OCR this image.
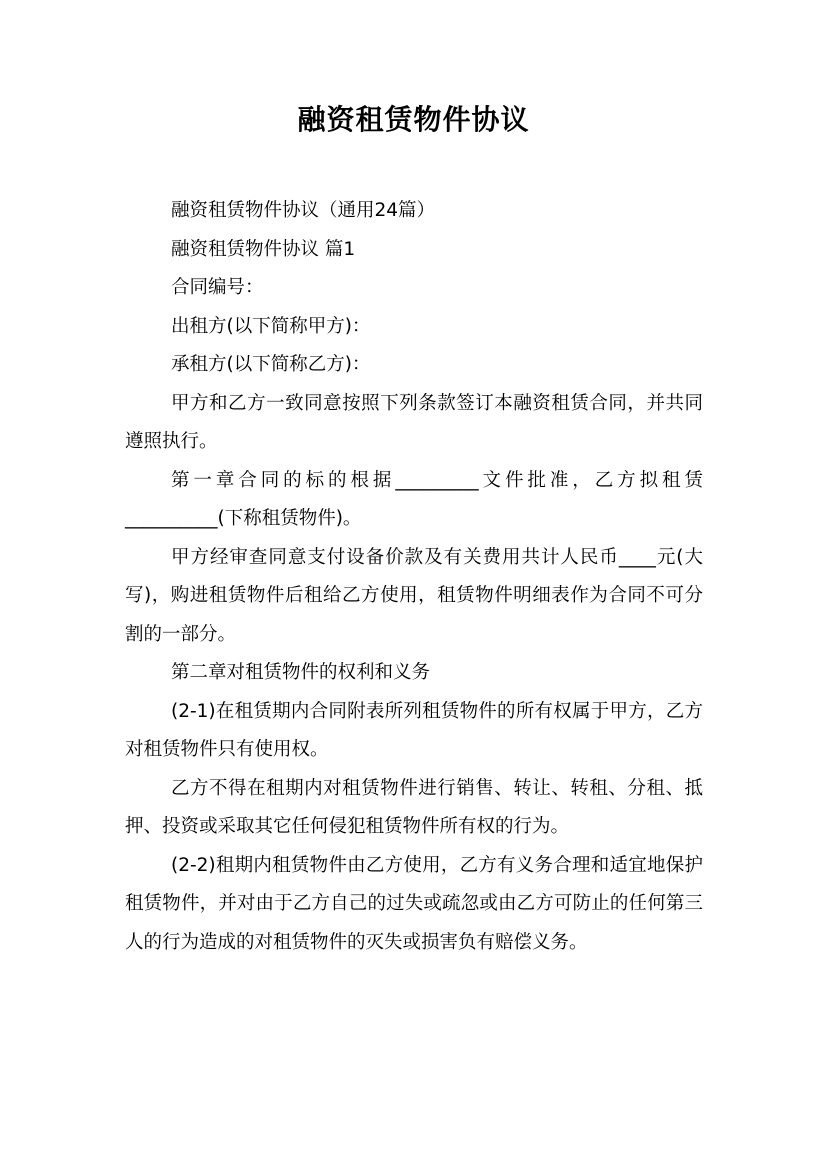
融资租赁物件协议

融资租赁物件协议（通用24篇）

融资租赁物件协议 篇1

合同编号：

出租方(以下简称甲方)：

承租方(以下简称乙方)：

甲方和乙方一致同意按照下列条款签订本融资租赁合同，并共同遵照执行。

第一章合同的标的根据_________文件批准，乙方拟租赁__________(下称租赁物件)。

甲方经审查同意支付设备价款及有关费用共计人民币____元(大写)，购进租赁物件后租给乙方使用，租赁物件明细表作为合同不可分割的一部分。

第二章对租赁物件的权利和义务

(2-1)在租赁期内合同附表所列租赁物件的所有权属于甲方，乙方对租赁物件只有使用权。

乙方不得在租期内对租赁物件进行销售、转让、转租、分租、抵押、投资或采取其它任何侵犯租赁物件所有权的行为。

(2-2)租期内租赁物件由乙方使用，乙方有义务合理和适宜地保护租赁物件，并对由于乙方自己的过失或疏忽或由乙方可防止的任何第三人的行为造成的对租赁物件的灭失或损害负有赔偿义务。
